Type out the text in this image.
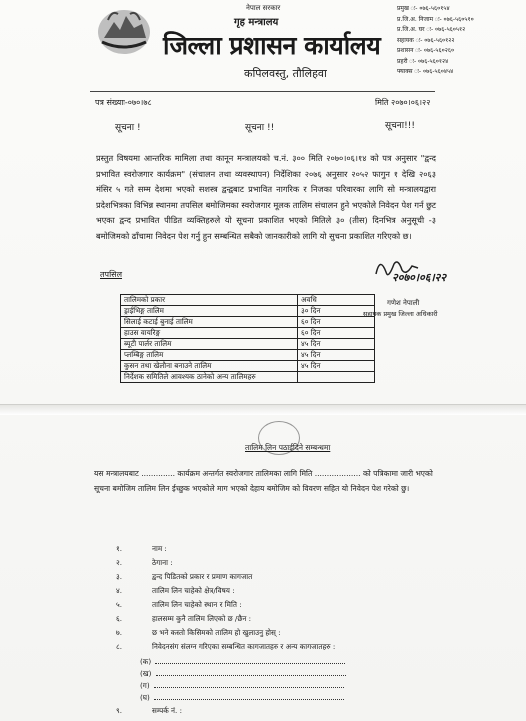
नेपाल सरकार
गृह मन्त्रालय
जिल्ला प्रशासन कार्यालय
कपिलवस्तु, तौलिहवा
प्रमुख ः- ०७६-५६०१५४
प्र.जि.अ. निजाम ः- ०७६-५६०५१०
प्र.जि.अ. घर ः- ०७६-५६०५१२
सहायक ः- ०७६-५६०१२२
प्रशासन ः- ०७६-५६०२६०
प्रहरी ः- ०७६-५६०१२४
फ्याक्स ः- ०७६-५६०४५४
पत्र संख्याः-०७०।७८	मिति २०७०।०६।२२
सूचना !	सूचना !!	सूचना!!!
प्रस्तुत विषयमा आन्तरिक मामिला तथा कानून मन्त्रालयको च.नं. ३०० मिति २०७०।०६।१४ को पत्र अनुसार "द्वन्द प्रभावित स्वरोजगार कार्यक्रम" (संचालन तथा व्यवस्थापन) निर्देशिका २०७६ अनुसार २०५२ फागुन १ देखि २०६३ मंसिर ५ गते सम्म देशमा भएको सशस्त्र द्वन्द्वबाट प्रभावित नागरिक र निजका परिवारका लागि सो मन्त्रालयद्वारा प्रदेशभित्रका विभिन्न स्थानमा तपसिल बमोजिमका स्वरोजगार मूलक तालिम संचालन हुने भएकोले निवेदन पेश गर्न छुट भएका द्वन्द प्रभावित पीडित व्यक्तिहरुले यो सूचना प्रकाशित भएको मितिले ३० (तीस) दिनभित्र अनुसूची -३ बमोजिमको ढाँचामा निवेदन पेश गर्नु हुन सम्बन्धित सबैको जानकारीको लागि यो सुचना प्रकाशित गरिएको छ।
२०७०।०६।२२
गणेश नेपाली
सहायक प्रमुख जिल्ला अधिकारी
तपसिल
तालिमको प्रकार	अवधि
ड्राईभिङ्ग तालिम	३० दिन
सिलाई कटाई बुनाई तालिम	६० दिन
हाउस वायरिङ्ग	६० दिन
ब्यूटी पार्लर तालिम	४५ दिन
प्लम्बिङ्ग तालिम	४५ दिन
कुसन तथा खेलौना बनाउने तालिम	४५ दिन
निर्देशक समितिले आवश्यक ठानेको अन्य तालिमहरु	
तालिम लिन पठाईदिने सम्बन्धमा
यस मन्त्रालयबाट .............. कार्यक्रम अन्तर्गत स्वरोजगार तालिमका लागि मिति ................... को पत्रिकामा जारी भएको सूचना बमोजिम तालिम लिन ईच्छुक भएकोले माग भएको देहाय बमोजिम को विवरण सहित यो निवेदन पेश गरेको छु।
१.	नाम :
२.	ठेगाना :
३.	द्वन्द पिडितको प्रकार र प्रमाण कागजात
४.	तालिम लिन चाहेको क्षेत्र/विषय :
५.	तालिम लिन चाहेको स्थान र मिति :
६.	हालसम्म कुनै तालिम लिएको छ /छैन :
७.	छ भने कस्तो किसिमको तालिम हो खुलाउनु होस् :
८.	निवेदनसंग संलग्न गरिएका सम्बन्धित कागजातहरु र अन्य कागजातहरु :
(क)
(ख)
(ग)
(घ)
९.	सम्पर्क नं. :
